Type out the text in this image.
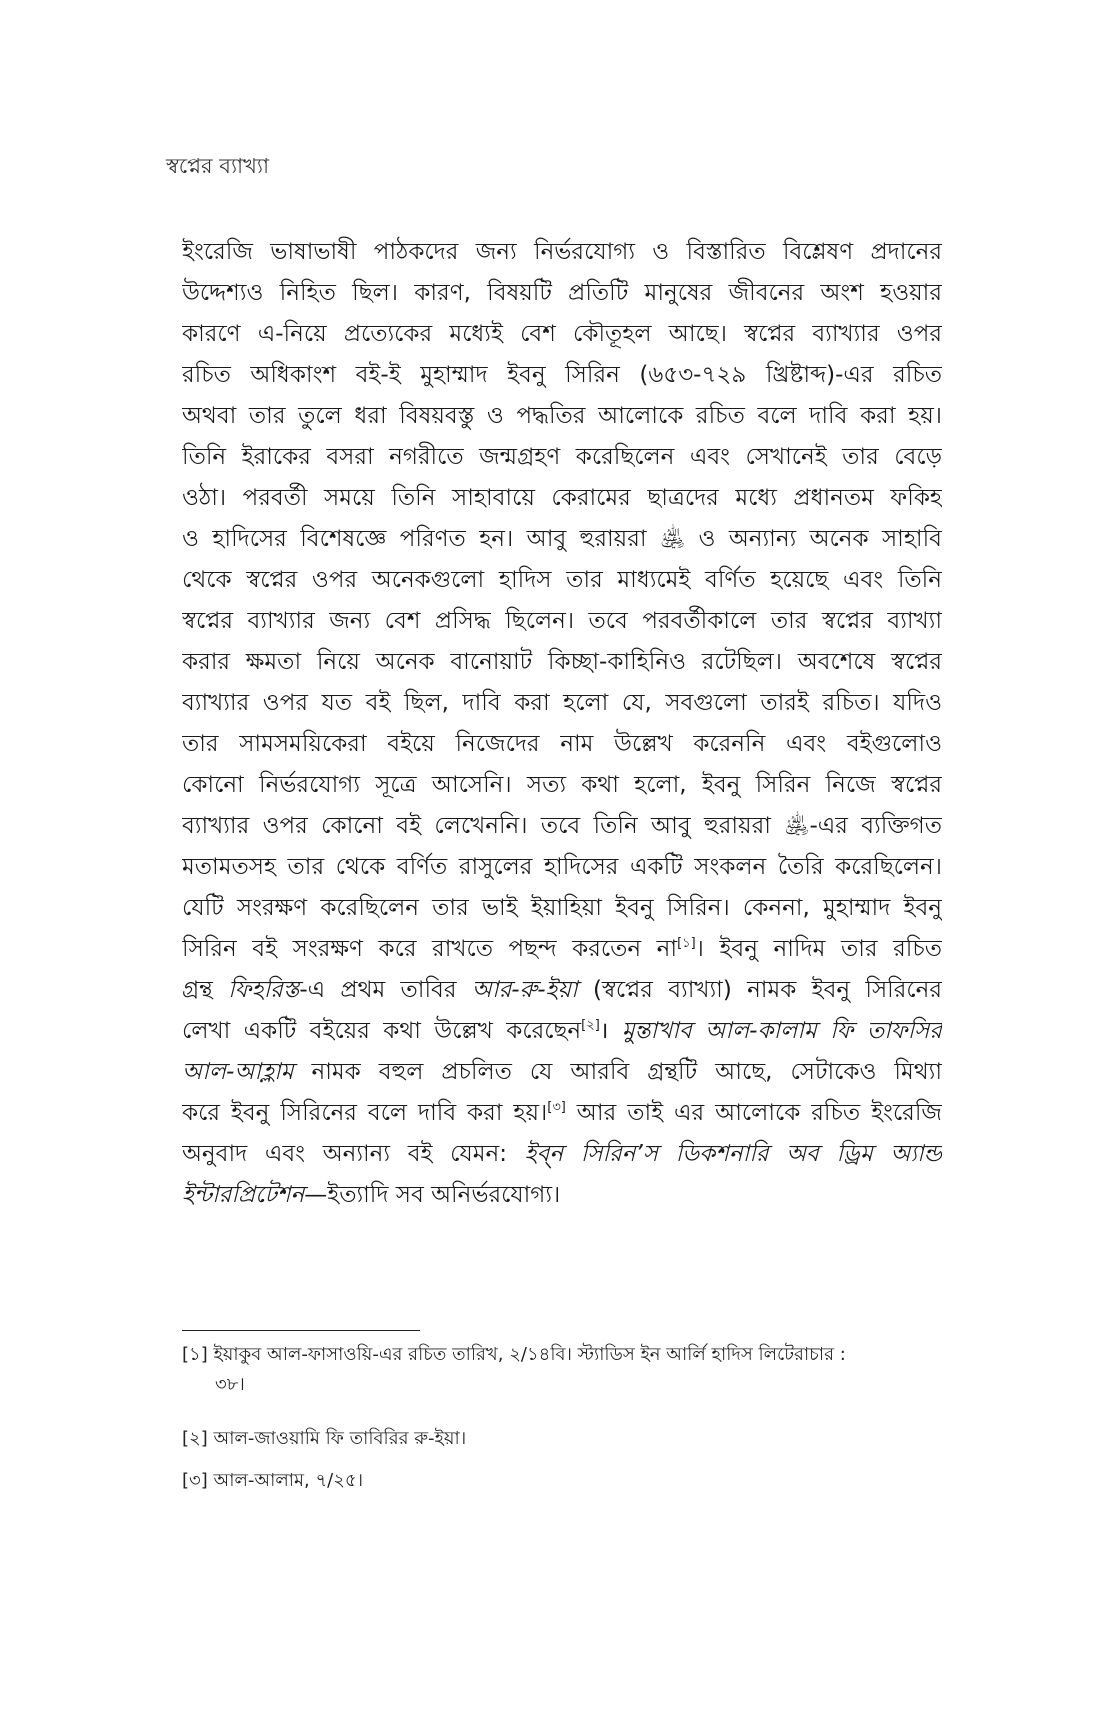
স্বপ্নের ব্যাখ্যা
ইংরেজি ভাষাভাষী পাঠকদের জন্য নির্ভরযোগ্য ও বিস্তারিত বিশ্লেষণ প্রদানের
উদ্দেশ্যও নিহিত ছিল। কারণ, বিষয়টি প্রতিটি মানুষের জীবনের অংশ হওয়ার
কারণে এ-নিয়ে প্রত্যেকের মধ্যেই বেশ কৌতূহল আছে। স্বপ্নের ব্যাখ্যার ওপর
রচিত অধিকাংশ বই-ই মুহাম্মাদ ইবনু সিরিন (৬৫৩-৭২৯ খ্রিষ্টাব্দ)-এর রচিত
অথবা তার তুলে ধরা বিষয়বস্তু ও পদ্ধতির আলোকে রচিত বলে দাবি করা হয়।
তিনি ইরাকের বসরা নগরীতে জন্মগ্রহণ করেছিলেন এবং সেখানেই তার বেড়ে
ওঠা। পরবর্তী সময়ে তিনি সাহাবায়ে কেরামের ছাত্রদের মধ্যে প্রধানতম ফকিহ
ও হাদিসের বিশেষজ্ঞে পরিণত হন। আবু হুরায়রা ﵁ ও অন্যান্য অনেক সাহাবি
থেকে স্বপ্নের ওপর অনেকগুলো হাদিস তার মাধ্যমেই বর্ণিত হয়েছে এবং তিনি
স্বপ্নের ব্যাখ্যার জন্য বেশ প্রসিদ্ধ ছিলেন। তবে পরবর্তীকালে তার স্বপ্নের ব্যাখ্যা
করার ক্ষমতা নিয়ে অনেক বানোয়াট কিচ্ছা-কাহিনিও রটেছিল। অবশেষে স্বপ্নের
ব্যাখ্যার ওপর যত বই ছিল, দাবি করা হলো যে, সবগুলো তারই রচিত। যদিও
তার সামসময়িকেরা বইয়ে নিজেদের নাম উল্লেখ করেননি এবং বইগুলোও
কোনো নির্ভরযোগ্য সূত্রে আসেনি। সত্য কথা হলো, ইবনু সিরিন নিজে স্বপ্নের
ব্যাখ্যার ওপর কোনো বই লেখেননি। তবে তিনি আবু হুরায়রা ﵁-এর ব্যক্তিগত
মতামতসহ তার থেকে বর্ণিত রাসুলের হাদিসের একটি সংকলন তৈরি করেছিলেন।
যেটি সংরক্ষণ করেছিলেন তার ভাই ইয়াহিয়া ইবনু সিরিন। কেননা, মুহাম্মাদ ইবনু
সিরিন বই সংরক্ষণ করে রাখতে পছন্দ করতেন না[১]। ইবনু নাদিম তার রচিত
গ্রন্থ ফিহরিস্ত-এ প্রথম তাবির আর-রু-ইয়া (স্বপ্নের ব্যাখ্যা) নামক ইবনু সিরিনের
লেখা একটি বইয়ের কথা উল্লেখ করেছেন[২]। মুন্তাখাব আল-কালাম ফি তাফসির
আল-আহ্লাম নামক বহুল প্রচলিত যে আরবি গ্রন্থটি আছে, সেটাকেও মিথ্যা
করে ইবনু সিরিনের বলে দাবি করা হয়।[৩] আর তাই এর আলোকে রচিত ইংরেজি
অনুবাদ এবং অন্যান্য বই যেমন: ইব্‌ন সিরিন’স ডিকশনারি অব ড্রিম অ্যান্ড
ইন্টারপ্রিটেশন—ইত্যাদি সব অনির্ভরযোগ্য।
[১] ইয়াকুব আল-ফাসাওয়ি-এর রচিত তারিখ, ২/১৪বি। স্ট্যাডিস ইন আর্লি হাদিস লিটেরাচার :
৩৮।
[২] আল-জাওয়ামি ফি তাবিরির রু-ইয়া।
[৩] আল-আলাম, ৭/২৫।
